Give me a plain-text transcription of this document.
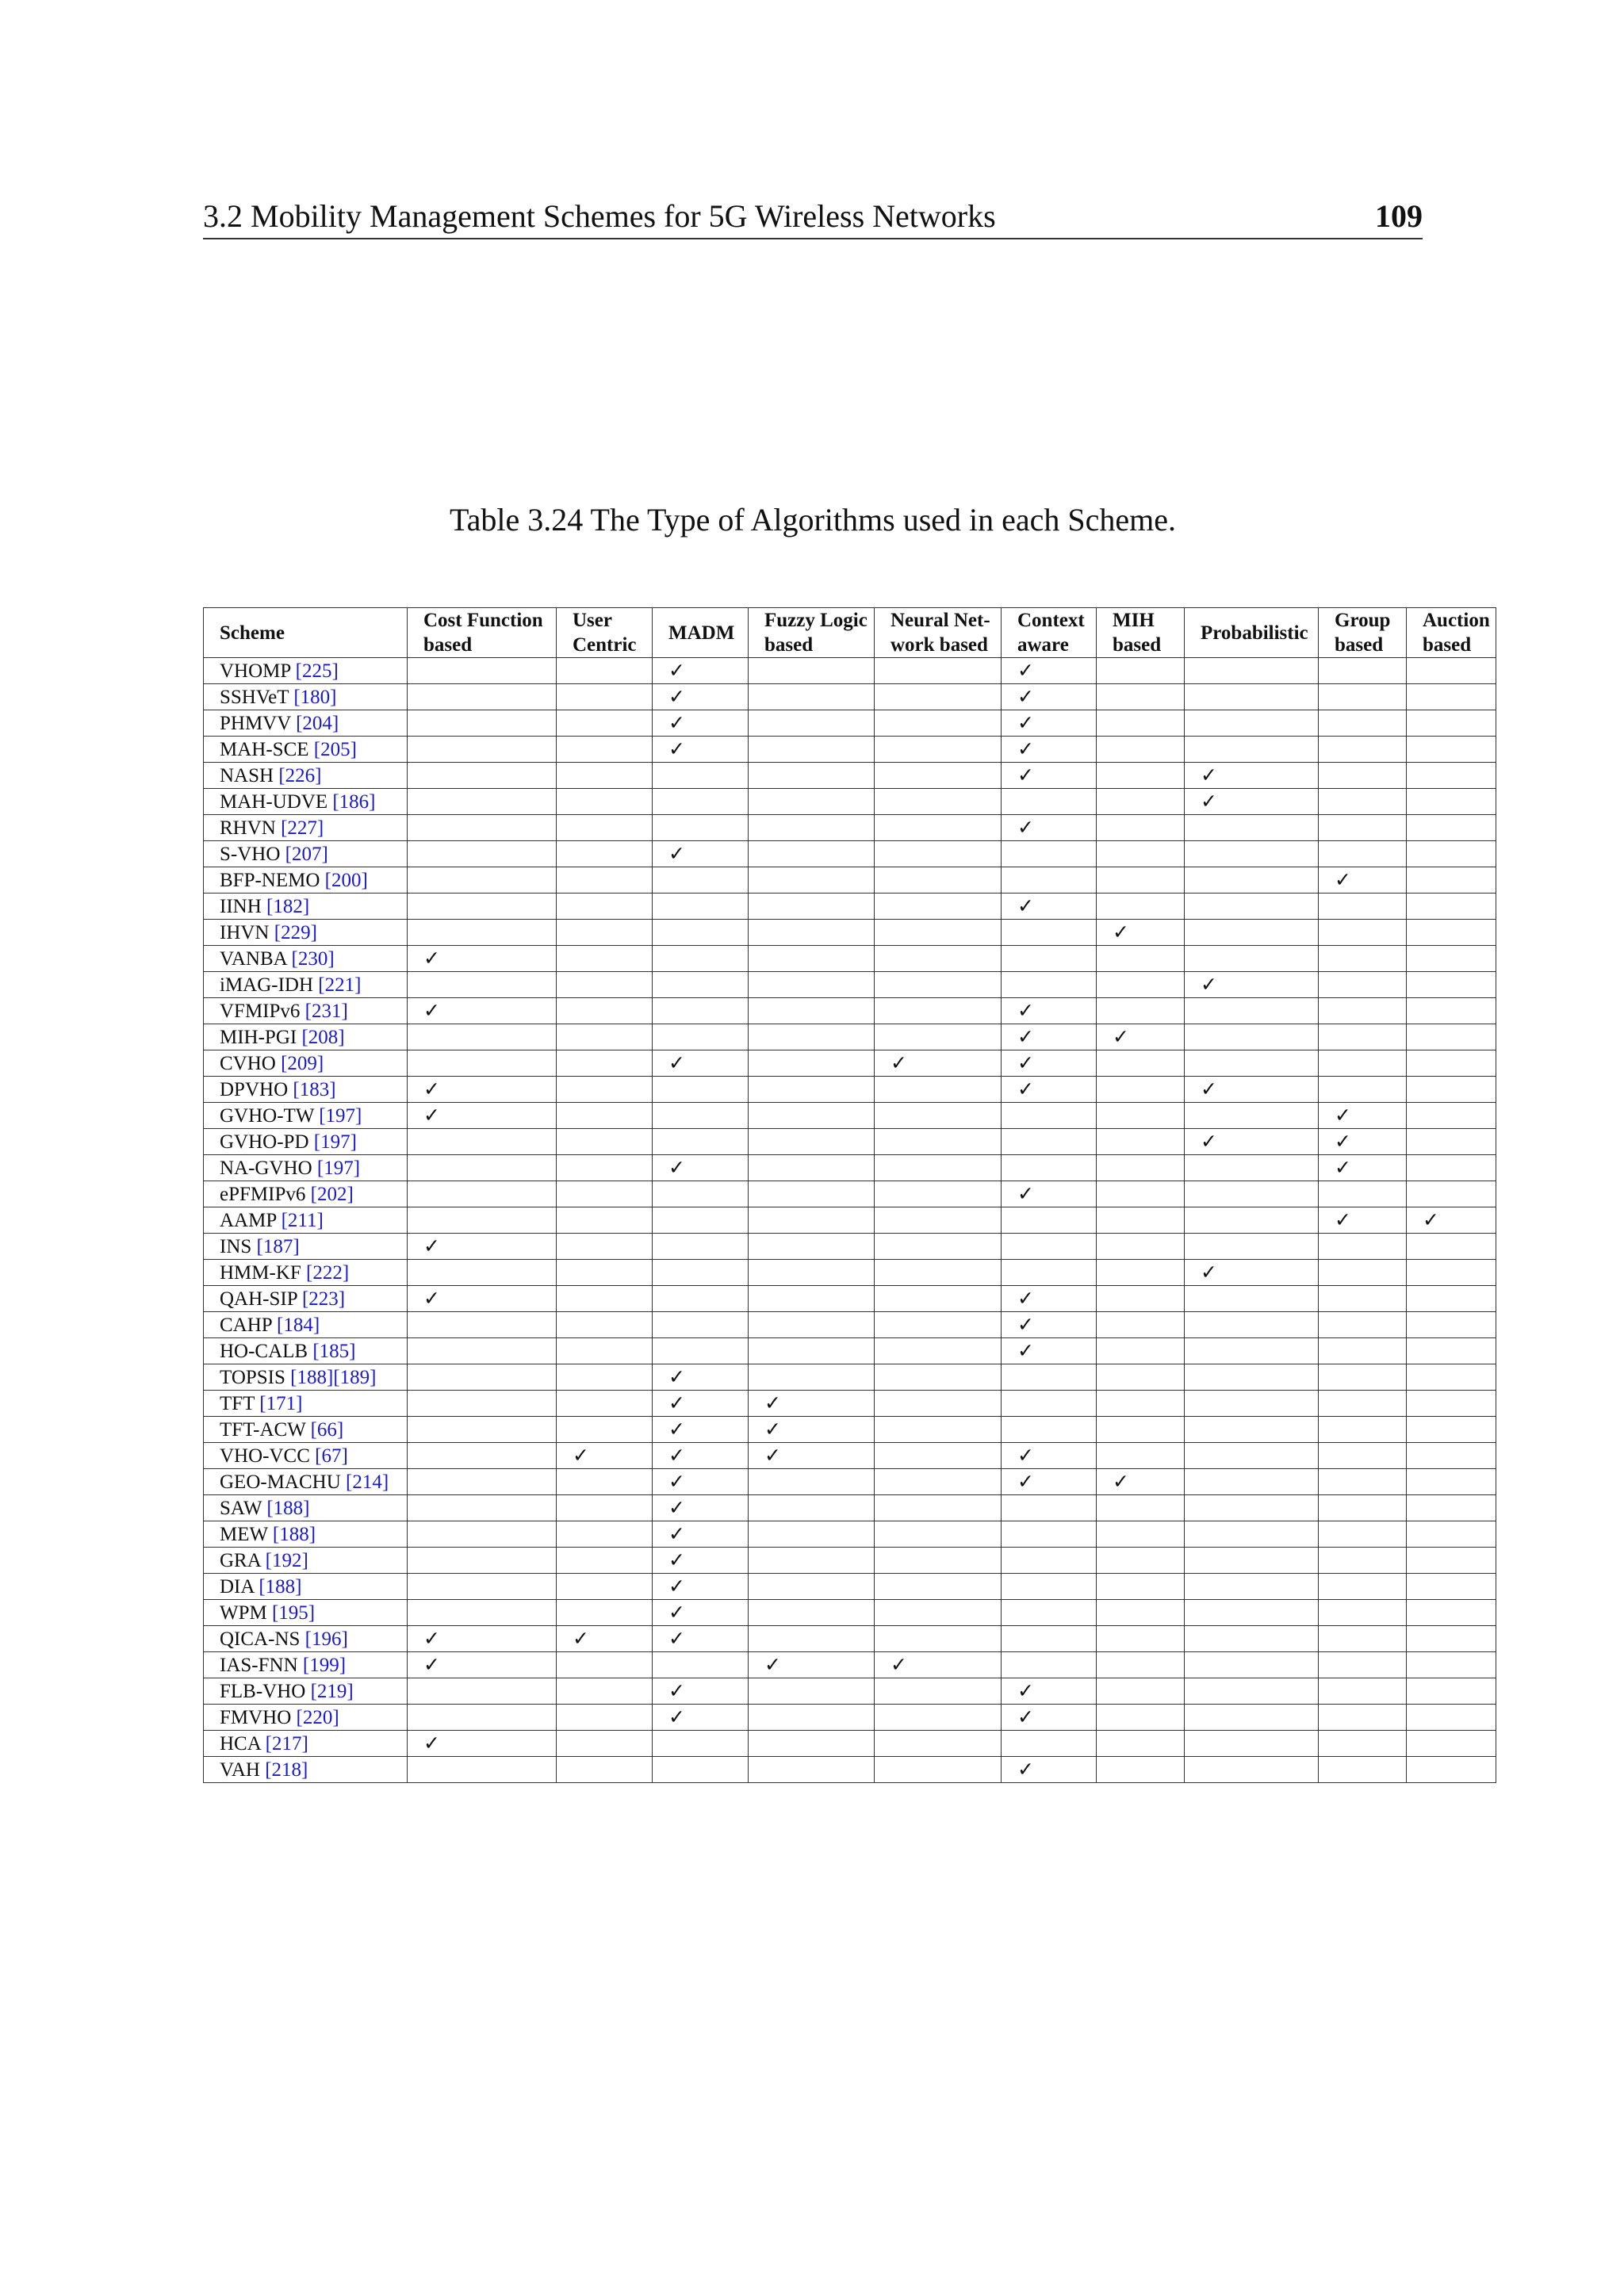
3.2 Mobility Management Schemes for 5G Wireless Networks	109
Table 3.24 The Type of Algorithms used in each Scheme.
Scheme	Cost Function based	User Centric	MADM	Fuzzy Logic based	Neural Net-work based	Context aware	MIH based	Probabilistic	Group based	Auction based
VHOMP [225]			✓			✓				
SSHVeT [180]			✓			✓				
PHMVV [204]			✓			✓				
MAH-SCE [205]			✓			✓				
NASH [226]						✓		✓		
MAH-UDVE [186]								✓		
RHVN [227]						✓				
S-VHO [207]			✓							
BFP-NEMO [200]									✓	
IINH [182]						✓				
IHVN [229]							✓			
VANBA [230]	✓									
iMAG-IDH [221]								✓		
VFMIPv6 [231]	✓					✓				
MIH-PGI [208]						✓	✓			
CVHO [209]			✓		✓	✓				
DPVHO [183]	✓					✓		✓		
GVHO-TW [197]	✓								✓	
GVHO-PD [197]								✓	✓	
NA-GVHO [197]			✓						✓	
ePFMIPv6 [202]						✓				
AAMP [211]									✓	✓
INS [187]	✓									
HMM-KF [222]								✓		
QAH-SIP [223]	✓					✓				
CAHP [184]						✓				
HO-CALB [185]						✓				
TOPSIS [188][189]			✓							
TFT [171]			✓	✓						
TFT-ACW [66]			✓	✓						
VHO-VCC [67]		✓	✓	✓		✓				
GEO-MACHU [214]			✓			✓	✓			
SAW [188]			✓							
MEW [188]			✓							
GRA [192]			✓							
DIA [188]			✓							
WPM [195]			✓							
QICA-NS [196]	✓	✓	✓							
IAS-FNN [199]	✓			✓	✓					
FLB-VHO [219]			✓			✓				
FMVHO [220]			✓			✓				
HCA [217]	✓									
VAH [218]						✓				
